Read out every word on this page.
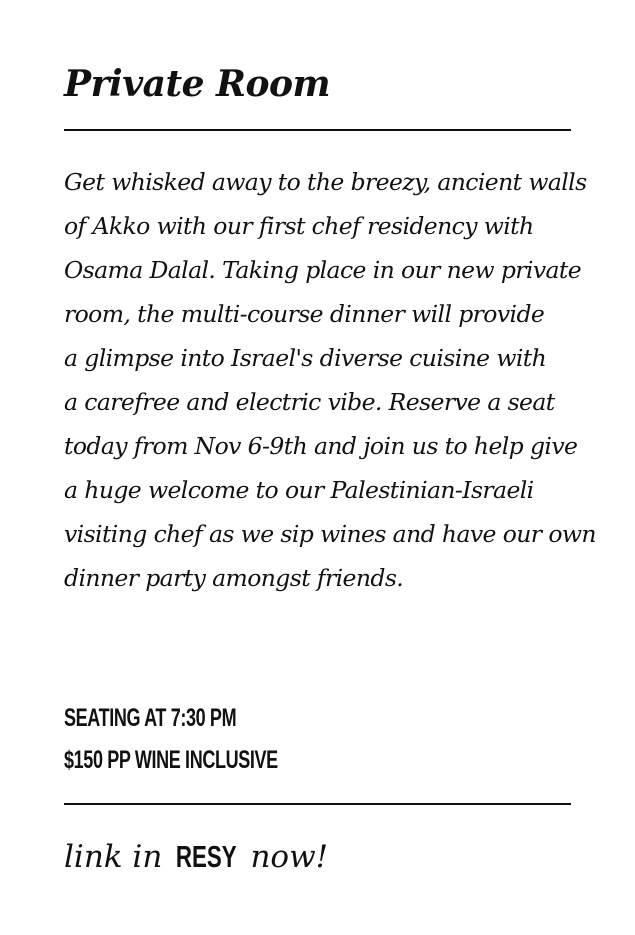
Private Room
Get whisked away to the breezy, ancient walls
of Akko with our first chef residency with
Osama Dalal. Taking place in our new private
room, the multi-course dinner will provide
a glimpse into Israel's diverse cuisine with
a carefree and electric vibe. Reserve a seat
today from Nov 6-9th and join us to help give
a huge welcome to our Palestinian-Israeli
visiting chef as we sip wines and have our own
dinner party amongst friends.
SEATING AT 7:30 PM
$150 PP WINE INCLUSIVE
link in RESY now!
